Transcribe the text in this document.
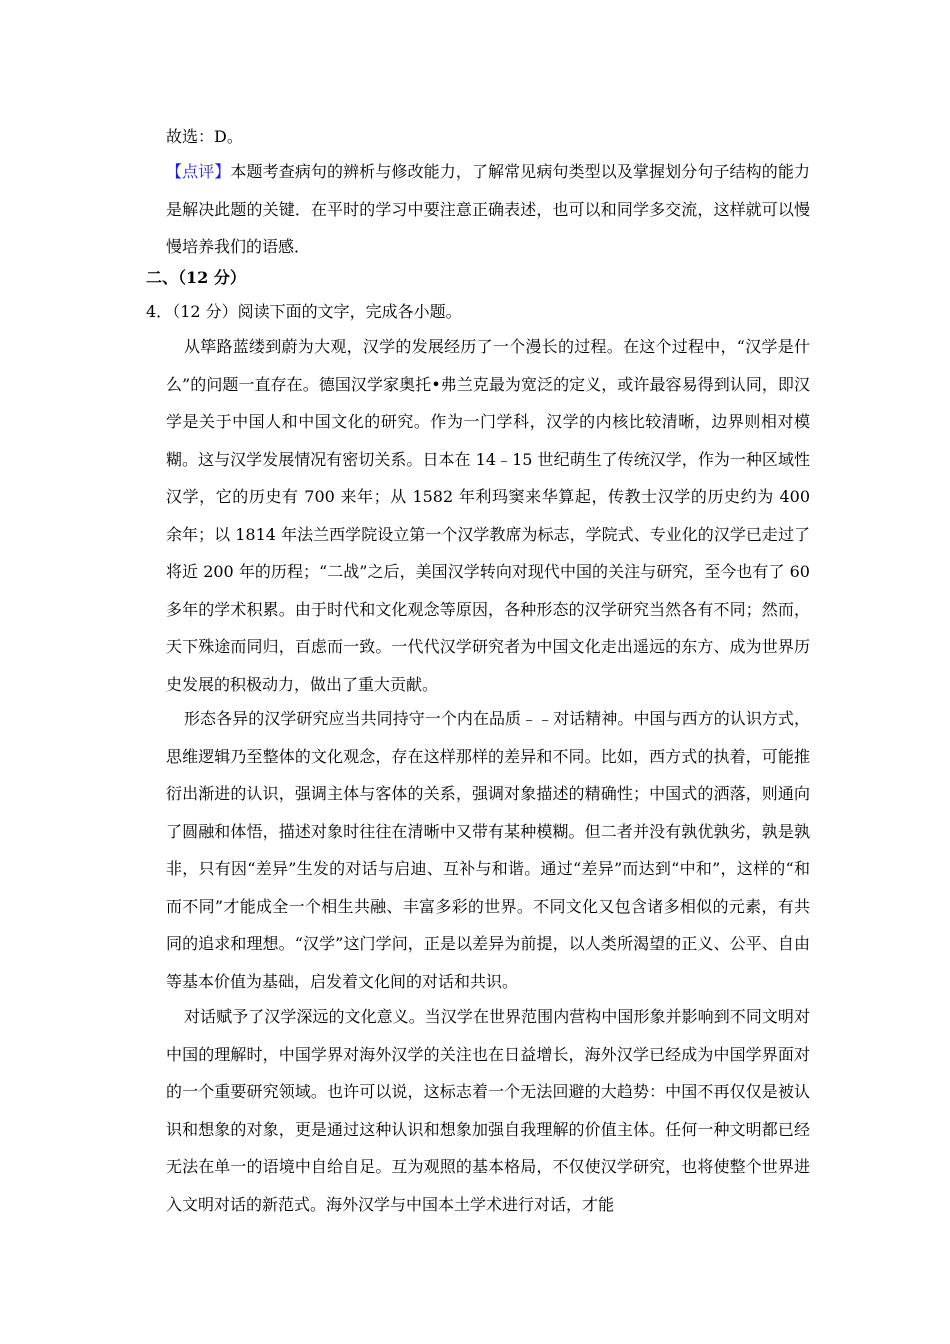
故选：D。
【点评】本题考查病句的辨析与修改能力，了解常见病句类型以及掌握划分句子结构的能力是解决此题的关键．在平时的学习中要注意正确表述，也可以和同学多交流，这样就可以慢慢培养我们的语感．
二、（12 分）
4．（12 分）阅读下面的文字，完成各小题。
从筚路蓝缕到蔚为大观，汉学的发展经历了一个漫长的过程。在这个过程中，“汉学是什么”的问题一直存在。德国汉学家奥托•弗兰克最为宽泛的定义，或许最容易得到认同，即汉学是关于中国人和中国文化的研究。作为一门学科，汉学的内核比较清晰，边界则相对模糊。这与汉学发展情况有密切关系。日本在 14﹣15 世纪萌生了传统汉学，作为一种区域性汉学，它的历史有 700 来年；从 1582 年利玛窦来华算起，传教士汉学的历史约为 400 余年；以 1814 年法兰西学院设立第一个汉学教席为标志，学院式、专业化的汉学已走过了将近 200 年的历程；“二战”之后，美国汉学转向对现代中国的关注与研究，至今也有了 60 多年的学术积累。由于时代和文化观念等原因，各种形态的汉学研究当然各有不同；然而，天下殊途而同归，百虑而一致。一代代汉学研究者为中国文化走出遥远的东方、成为世界历史发展的积极动力，做出了重大贡献。
形态各异的汉学研究应当共同持守一个内在品质﹣﹣对话精神。中国与西方的认识方式，思维逻辑乃至整体的文化观念，存在这样那样的差异和不同。比如，西方式的执着，可能推衍出渐进的认识，强调主体与客体的关系，强调对象描述的精确性；中国式的洒落，则通向了圆融和体悟，描述对象时往往在清晰中又带有某种模糊。但二者并没有孰优孰劣，孰是孰非，只有因“差异”生发的对话与启迪、互补与和谐。通过“差异”而达到“中和”，这样的“和而不同”才能成全一个相生共融、丰富多彩的世界。不同文化又包含诸多相似的元素，有共同的追求和理想。“汉学”这门学问，正是以差异为前提，以人类所渴望的正义、公平、自由等基本价值为基础，启发着文化间的对话和共识。
对话赋予了汉学深远的文化意义。当汉学在世界范围内营构中国形象并影响到不同文明对中国的理解时，中国学界对海外汉学的关注也在日益增长，海外汉学已经成为中国学界面对的一个重要研究领域。也许可以说，这标志着一个无法回避的大趋势：中国不再仅仅是被认识和想象的对象，更是通过这种认识和想象加强自我理解的价值主体。任何一种文明都已经无法在单一的语境中自给自足。互为观照的基本格局，不仅使汉学研究，也将使整个世界进入文明对话的新范式。海外汉学与中国本土学术进行对话，才能
